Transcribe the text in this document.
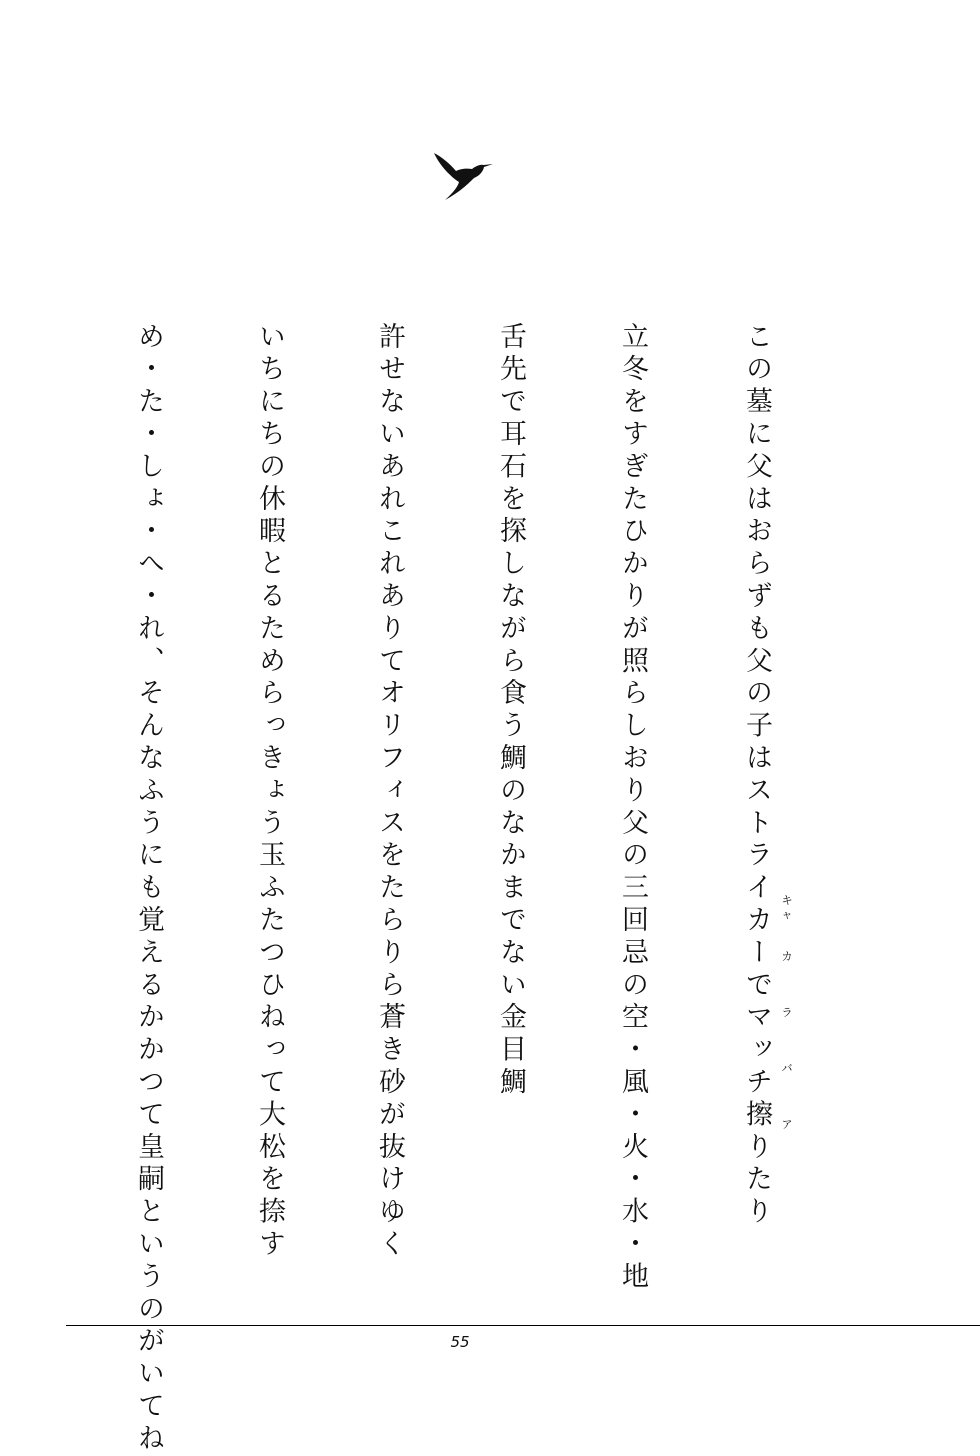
この墓に父はおらずも父の子はストライカーでマッチ擦りたり
立冬をすぎたひかりが照らしおり父の三回忌の空・風・火・水・地
舌先で耳石を探しながら食う鯛のなかまでない金目鯛
許せないあれこれありてオリフィスをたらりら蒼き砂が抜けゆく
いちにちの休暇とるためらっきょう玉ふたつひねって大松を捺す
め・た・しょ・へ・れ、そんなふうにも覚えるかかつて皇嗣というのがいてね	キャ
カ
ラ
バ
ア
55
